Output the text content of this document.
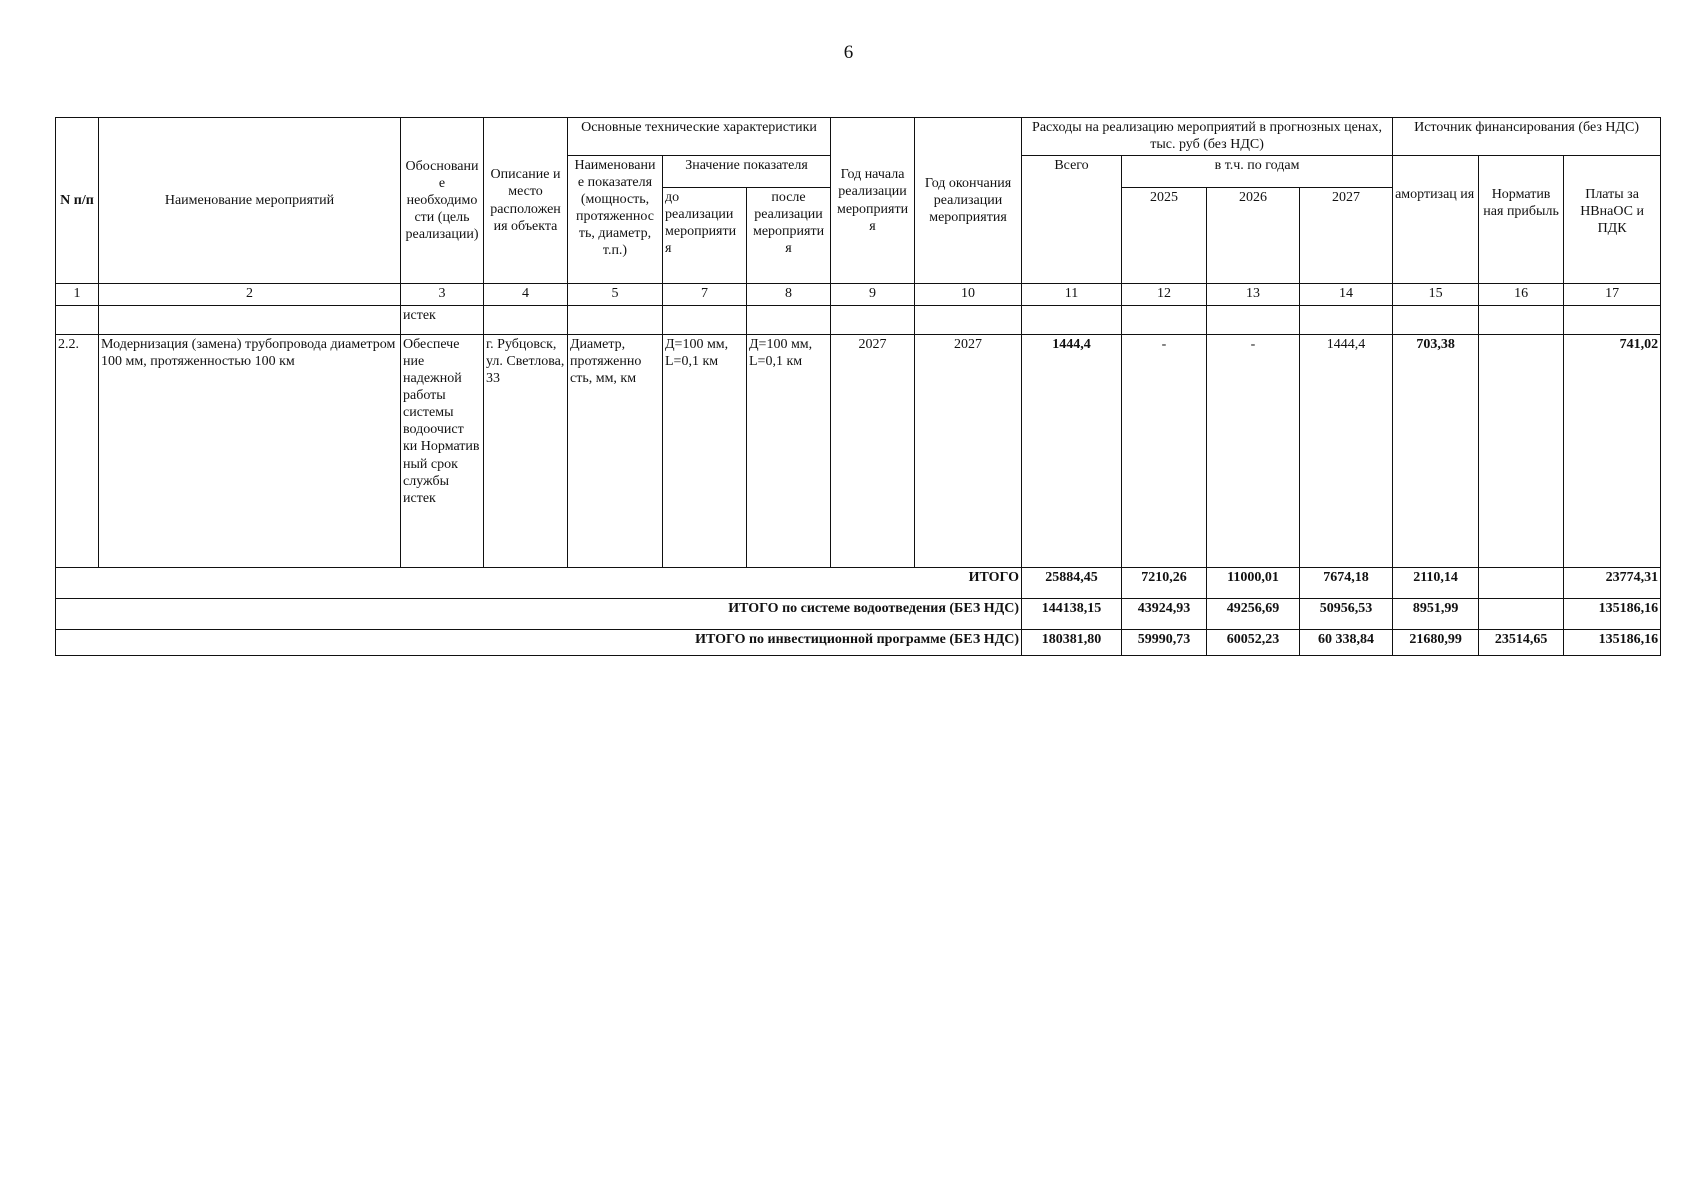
6
N п/п	Наименование мероприятий	Обосновани е необходимо сти (цель реализации)	Описание и место расположен ия объекта	Основные технические характеристики			Год начала реализации мероприяти я	Год окончания реализации мероприятия	Расходы на реализацию мероприятий в прогнозных ценах, тыс. руб (без НДС)				Источник финансирования (без НДС)		
				Наименовани е показателя (мощность, протяженнос ть, диаметр, т.п.)	Значение показателя				Всего	в т.ч. по годам			амортизац ия	Норматив ная прибыль	Платы за НВнаОС и ПДК
					до реализации мероприяти я	после реализации мероприяти я				2025	2026	2027			
1	2	3	4	5	7	8	9	10	11	12	13	14	15	16	17
		истек													
2.2.	Модернизация (замена) трубопровода диаметром 100 мм, протяженностью 100 км	Обеспече ние надежной работы системы водоочист ки Норматив ный срок службы истек	г. Рубцовск, ул. Светлова, 33	Диаметр, протяженно сть, мм, км	Д=100 мм, L=0,1 км	Д=100 мм, L=0,1 км	2027	2027	1444,4	-	-	1444,4	703,38		741,02
ИТОГО									25884,45	7210,26	11000,01	7674,18	2110,14		23774,31
ИТОГО по системе водоотведения (БЕЗ НДС)									144138,15	43924,93	49256,69	50956,53	8951,99		135186,16
ИТОГО по инвестиционной программе (БЕЗ НДС)									180381,80	59990,73	60052,23	60 338,84	21680,99	23514,65	135186,16
